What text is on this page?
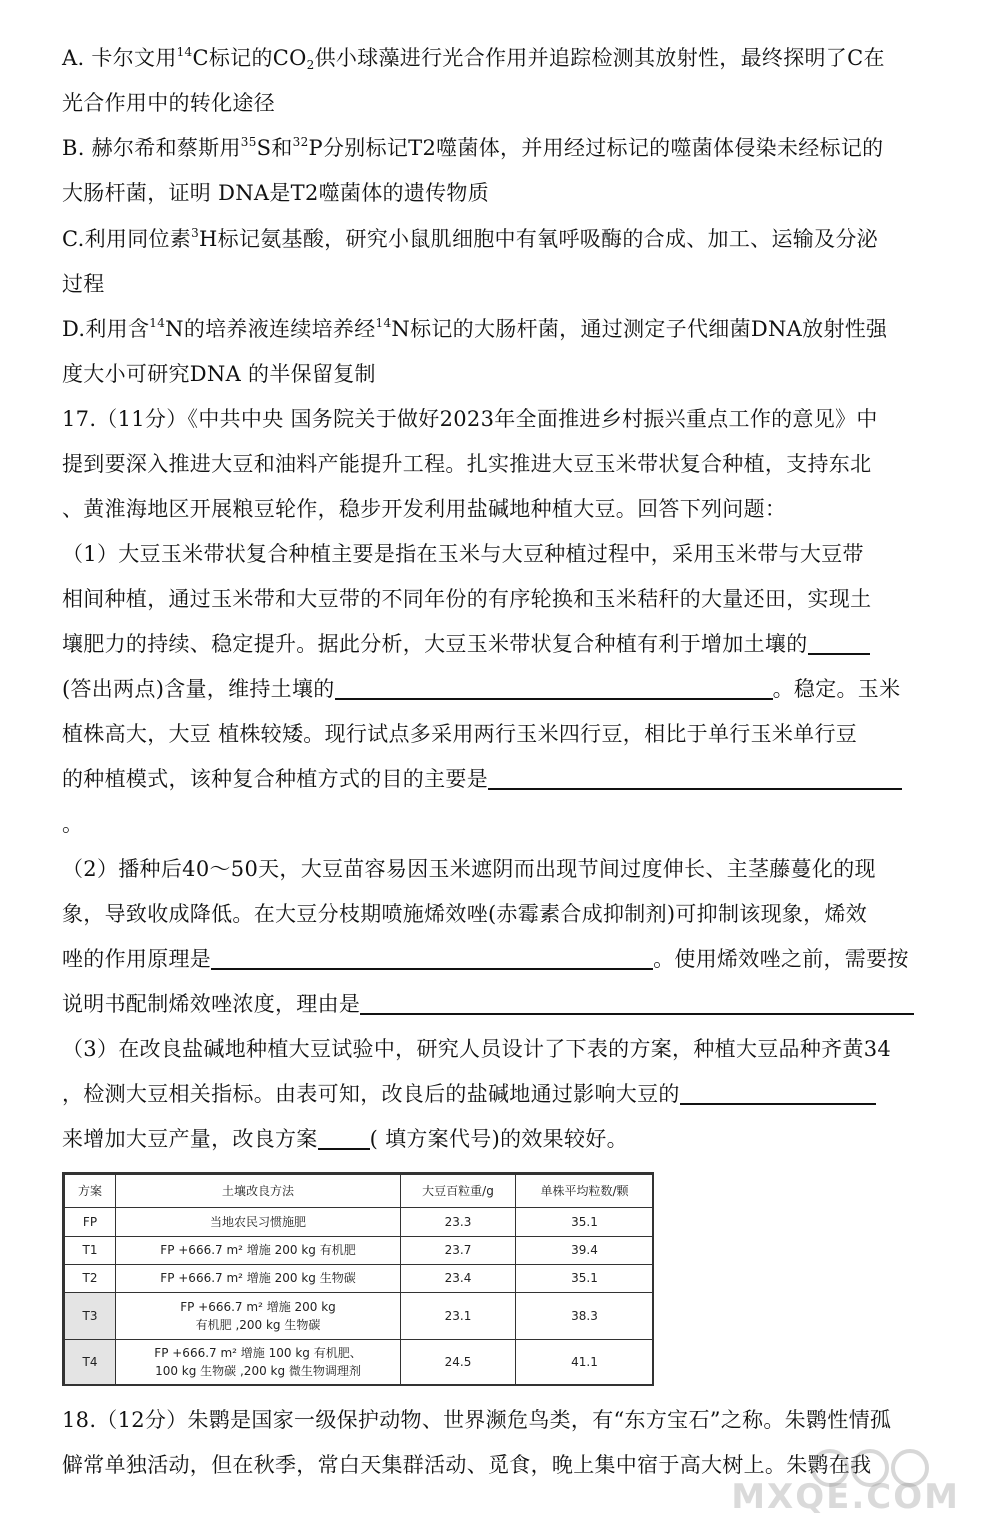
A. 卡尔文用$^{14}$C标记的$CO_2$供小球藻进行光合作用并追踪检测其放射性，最终探明了C在
光合作用中的转化途径
B. 赫尔希和蔡斯用$^{35}$S和$^{32}$P分别标记T2噬菌体，并用经过标记的噬菌体侵染未经标记的
大肠杆菌，证明 DNA是T2噬菌体的遗传物质
C.利用同位素$^3$H标记氨基酸，研究小鼠肌细胞中有氧呼吸酶的合成、加工、运输及分泌
过程
D.利用含$^{14}$N的培养液连续培养经$^{14}$N标记的大肠杆菌，通过测定子代细菌DNA放射性强
度大小可研究DNA 的半保留复制
17.（11分）《中共中央 国务院关于做好2023年全面推进乡村振兴重点工作的意见》中
提到要深入推进大豆和油料产能提升工程。扎实推进大豆玉米带状复合种植，支持东北
、黄淮海地区开展粮豆轮作，稳步开发利用盐碱地种植大豆。回答下列问题：
（1）大豆玉米带状复合种植主要是指在玉米与大豆种植过程中，采用玉米带与大豆带
相间种植，通过玉米带和大豆带的不同年份的有序轮换和玉米秸秆的大量还田，实现土
壤肥力的持续、稳定提升。据此分析，大豆玉米带状复合种植有利于增加土壤的
(答出两点)含量，维持土壤的	。稳定。玉米
植株高大，大豆 植株较矮。现行试点多采用两行玉米四行豆，相比于单行玉米单行豆
的种植模式，该种复合种植方式的目的主要是
。
（2）播种后40～50天，大豆苗容易因玉米遮阴而出现节间过度伸长、主茎藤蔓化的现
象，导致收成降低。在大豆分枝期喷施烯效唑(赤霉素合成抑制剂)可抑制该现象，烯效
唑的作用原理是	。使用烯效唑之前，需要按
说明书配制烯效唑浓度，理由是
（3）在改良盐碱地种植大豆试验中，研究人员设计了下表的方案，种植大豆品种齐黄34
，检测大豆相关指标。由表可知，改良后的盐碱地通过影响大豆的
来增加大豆产量，改良方案 ( 填方案代号)的效果较好。
方案	土壤改良方法	大豆百粒重/g	单株平均粒数/颗
FP	当地农民习惯施肥	23.3	35.1
T1	FP +666.7 m² 增施 200 kg 有机肥	23.7	39.4
T2	FP +666.7 m² 增施 200 kg 生物碳	23.4	35.1
T3	FP +666.7 m² 增施 200 kg
有机肥 ,200 kg 生物碳	23.1	38.3
T4	FP +666.7 m² 增施 100 kg 有机肥、
100 kg 生物碳 ,200 kg 微生物调理剂	24.5	41.1
18.（12分）朱鹮是国家一级保护动物、世界濒危鸟类，有“东方宝石”之称。朱鹮性情孤
僻常单独活动，但在秋季，常白天集群活动、觅食，晚上集中宿于高大树上。朱鹮在我
MXQE.COM
